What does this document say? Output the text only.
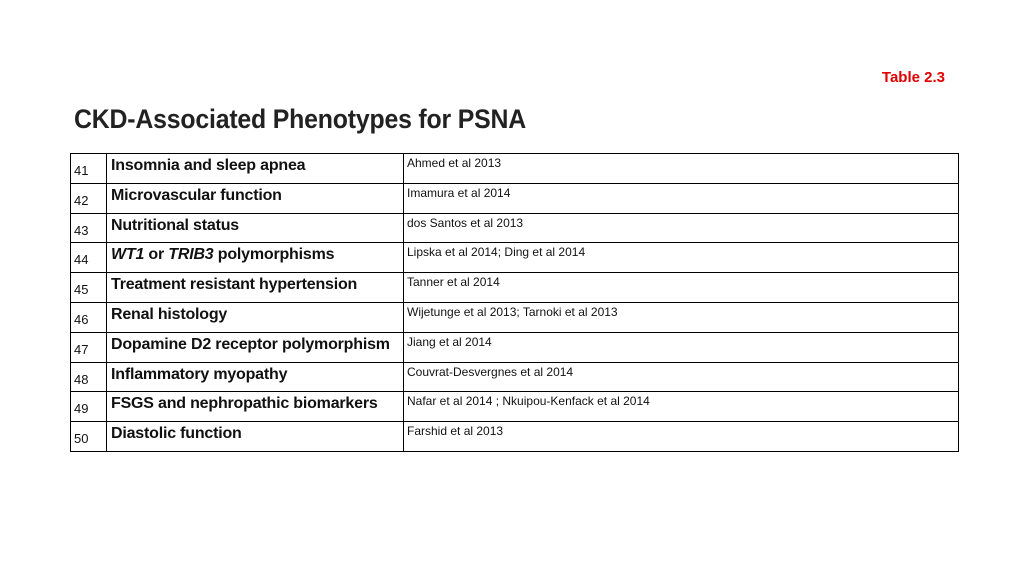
Table 2.3
CKD-Associated Phenotypes for PSNA
41	Insomnia and sleep apnea	Ahmed et al 2013
42	Microvascular function	Imamura et al 2014
43	Nutritional status	dos Santos et al 2013
44	WT1 or TRIB3 polymorphisms	Lipska et al 2014; Ding et al 2014
45	Treatment resistant hypertension	Tanner et al 2014
46	Renal histology	Wijetunge et al 2013; Tarnoki et al 2013
47	Dopamine D2 receptor polymorphism	Jiang et al 2014
48	Inflammatory myopathy	Couvrat-Desvergnes et al 2014
49	FSGS and nephropathic biomarkers	Nafar et al 2014 ; Nkuipou-Kenfack et al 2014
50	Diastolic function	Farshid et al 2013
